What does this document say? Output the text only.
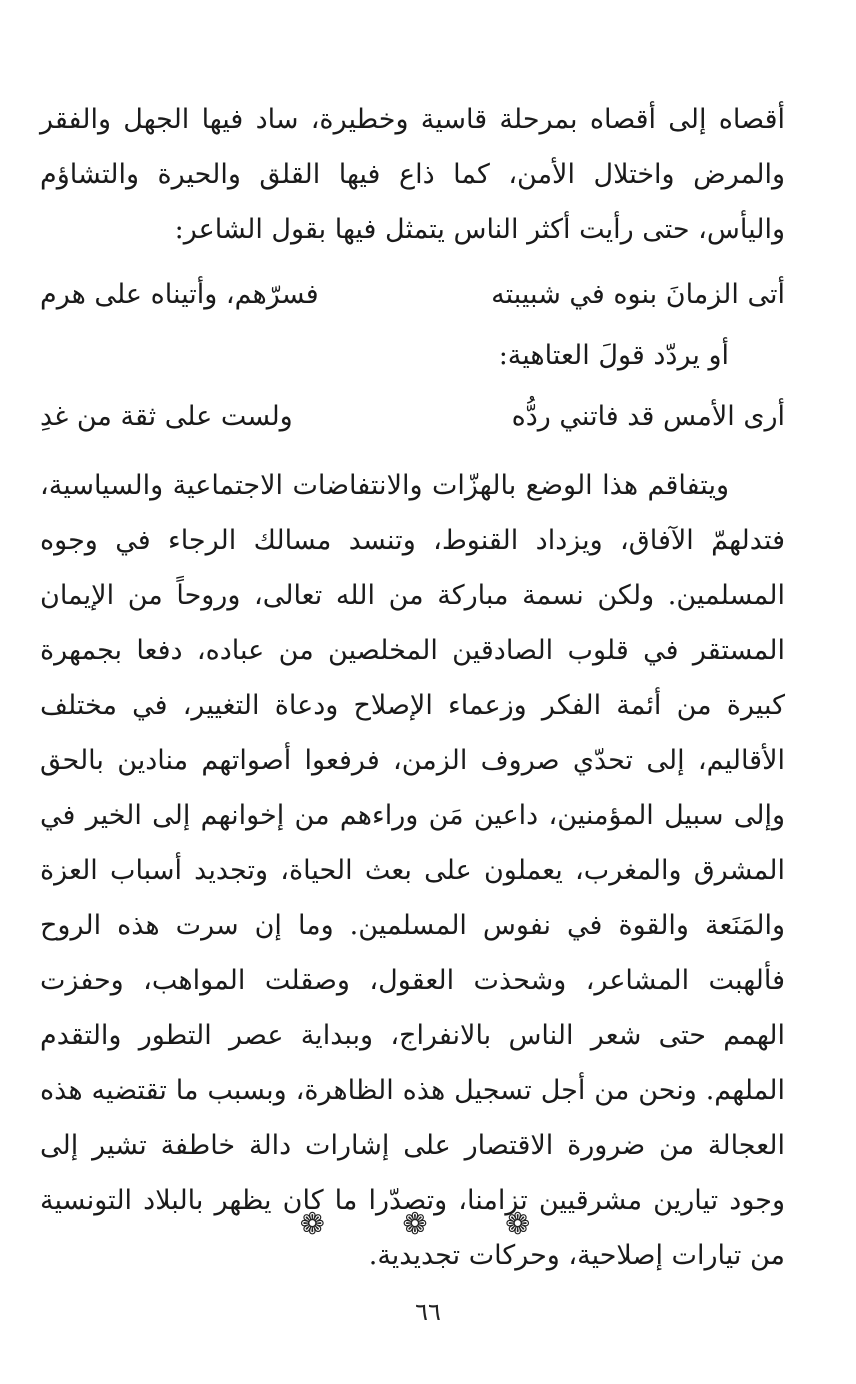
أقصاه إلى أقصاه بمرحلة قاسية وخطيرة، ساد فيها الجهل والفقر والمرض واختلال الأمن، كما ذاع فيها القلق والحيرة والتشاؤم واليأس، حتى رأيت أكثر الناس يتمثل فيها بقول الشاعر:

أتى الزمانَ بنوه في شبيبته
فسرّهم، وأتيناه على هرم

أو يردّد قولَ العتاهية:

أرى الأمس قد فاتني ردُّه
ولست على ثقة من غدِ

ويتفاقم هذا الوضع بالهزّات والانتفاضات الاجتماعية والسياسية، فتدلهمّ الآفاق، ويزداد القنوط، وتنسد مسالك الرجاء في وجوه المسلمين. ولكن نسمة مباركة من الله تعالى، وروحاً من الإيمان المستقر في قلوب الصادقين المخلصين من عباده، دفعا بجمهرة كبيرة من أئمة الفكر وزعماء الإصلاح ودعاة التغيير، في مختلف الأقاليم، إلى تحدّي صروف الزمن، فرفعوا أصواتهم منادين بالحق وإلى سبيل المؤمنين، داعين مَن وراءهم من إخوانهم إلى الخير في المشرق والمغرب، يعملون على بعث الحياة، وتجديد أسباب العزة والمَنَعة والقوة في نفوس المسلمين. وما إن سرت هذه الروح فألهبت المشاعر، وشحذت العقول، وصقلت المواهب، وحفزت الهمم حتى شعر الناس بالانفراج، وببداية عصر التطور والتقدم الملهم. ونحن من أجل تسجيل هذه الظاهرة، وبسبب ما تقتضيه هذه العجالة من ضرورة الاقتصار على إشارات دالة خاطفة تشير إلى وجود تيارين مشرقيين تزامنا، وتصدّرا ما كان يظهر بالبلاد التونسية من تيارات إصلاحية، وحركات تجديدية.

❁ ❁ ❁
٦٦
